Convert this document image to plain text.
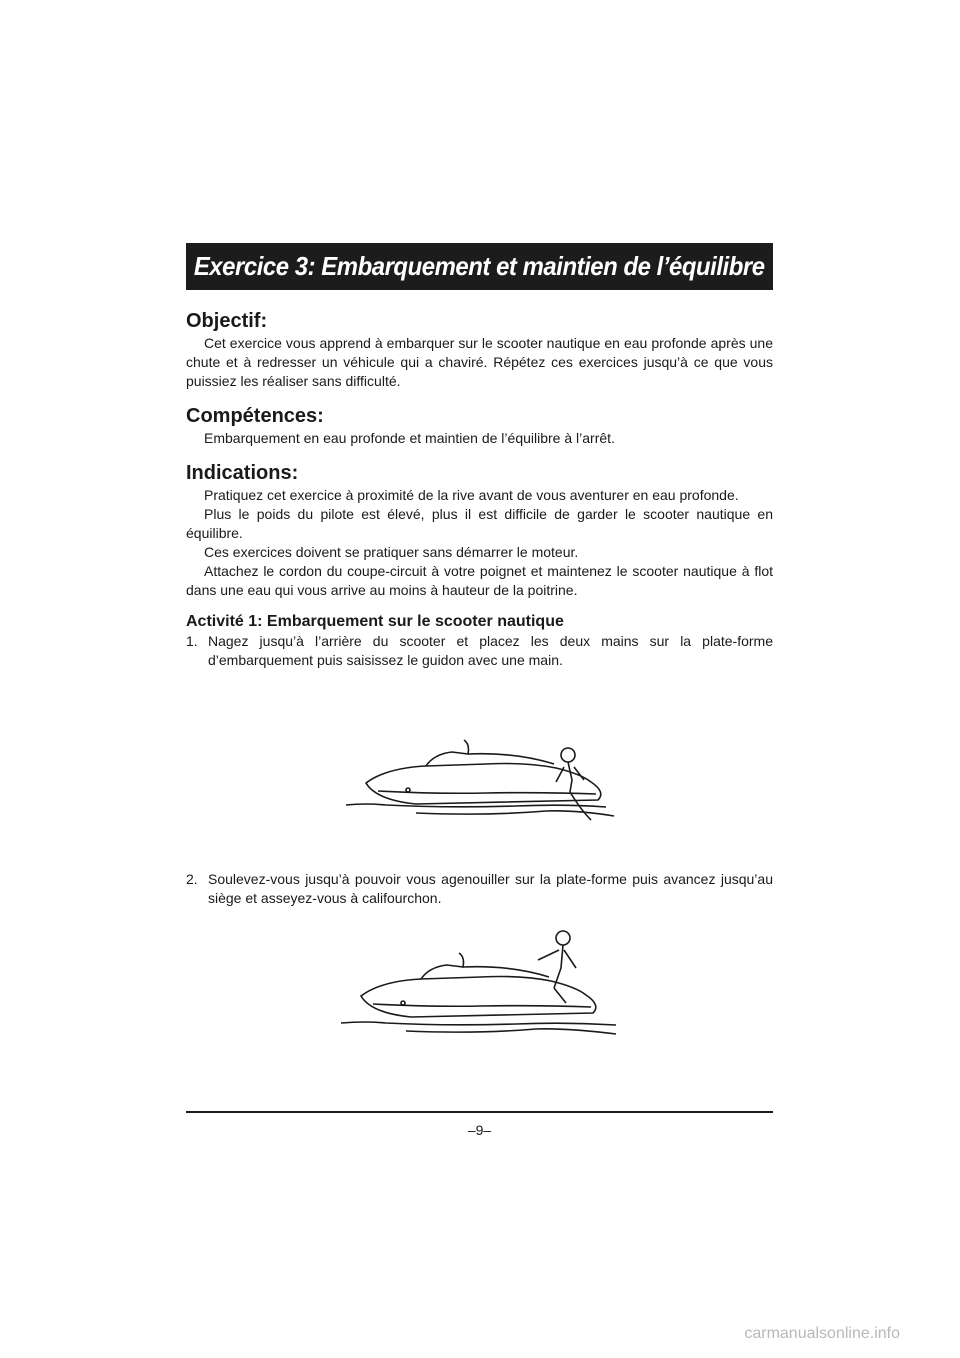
Exercice 3: Embarquement et maintien de l’équilibre
Objectif:

Cet exercice vous apprend à embarquer sur le scooter nautique en eau profonde après une chute et à redresser un véhicule qui a chaviré. Répétez ces exercices jusqu’à ce que vous puissiez les réaliser sans difficulté.

Compétences:

Embarquement en eau profonde et maintien de l’équilibre à l’arrêt.

Indications:

Pratiquez cet exercice à proximité de la rive avant de vous aventurer en eau profonde.

Plus le poids du pilote est élevé, plus il est difficile de garder le scooter nautique en équilibre.

Ces exercices doivent se pratiquer sans démarrer le moteur.

Attachez le cordon du coupe-circuit à votre poignet et maintenez le scooter nautique à flot dans une eau qui vous arrive au moins à hauteur de la poitrine.

Activité 1: Embarquement sur le scooter nautique
1. Nagez jusqu’à l’arrière du scooter et placez les deux mains sur la plate-forme d’embarquement puis saisissez le guidon avec une main.
2. Soulevez-vous jusqu’à pouvoir vous agenouiller sur la plate-forme puis avancez jusqu’au siège et asseyez-vous à califourchon.
–9–
carmanualsonline.info
